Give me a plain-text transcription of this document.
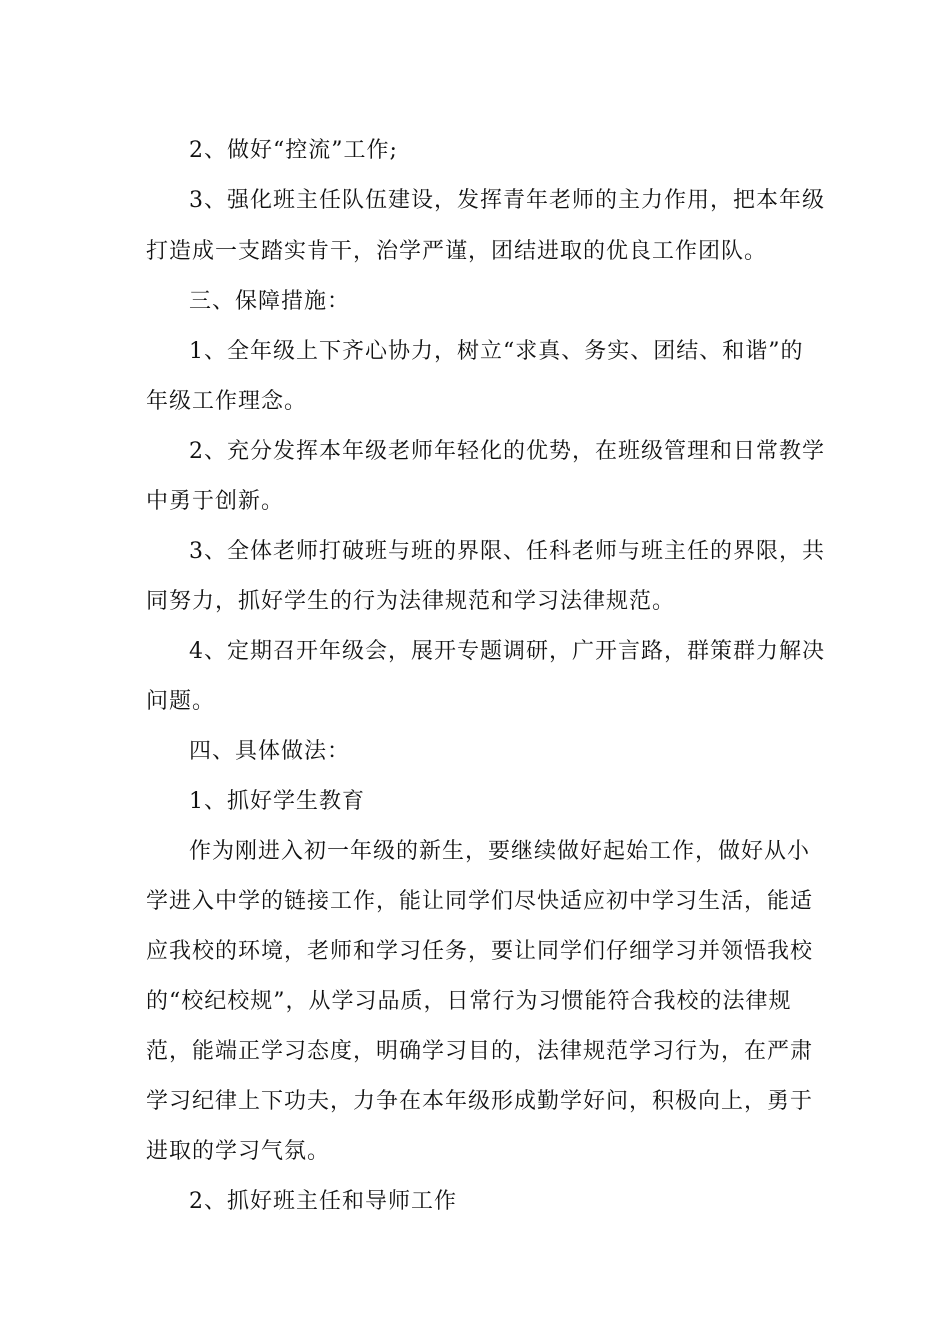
2、做好“控流”工作;
3、强化班主任队伍建设，发挥青年老师的主力作用，把本年级
打造成一支踏实肯干，治学严谨，团结进取的优良工作团队。
三、保障措施：
1、全年级上下齐心协力，树立“求真、务实、团结、和谐”的
年级工作理念。
2、充分发挥本年级老师年轻化的优势，在班级管理和日常教学
中勇于创新。
3、全体老师打破班与班的界限、任科老师与班主任的界限，共
同努力，抓好学生的行为法律规范和学习法律规范。
4、定期召开年级会，展开专题调研，广开言路，群策群力解决
问题。
四、具体做法：
1、抓好学生教育
作为刚进入初一年级的新生，要继续做好起始工作，做好从小
学进入中学的链接工作，能让同学们尽快适应初中学习生活，能适
应我校的环境，老师和学习任务，要让同学们仔细学习并领悟我校
的“校纪校规”，从学习品质，日常行为习惯能符合我校的法律规
范，能端正学习态度，明确学习目的，法律规范学习行为，在严肃
学习纪律上下功夫，力争在本年级形成勤学好问，积极向上，勇于
进取的学习气氛。
2、抓好班主任和导师工作
